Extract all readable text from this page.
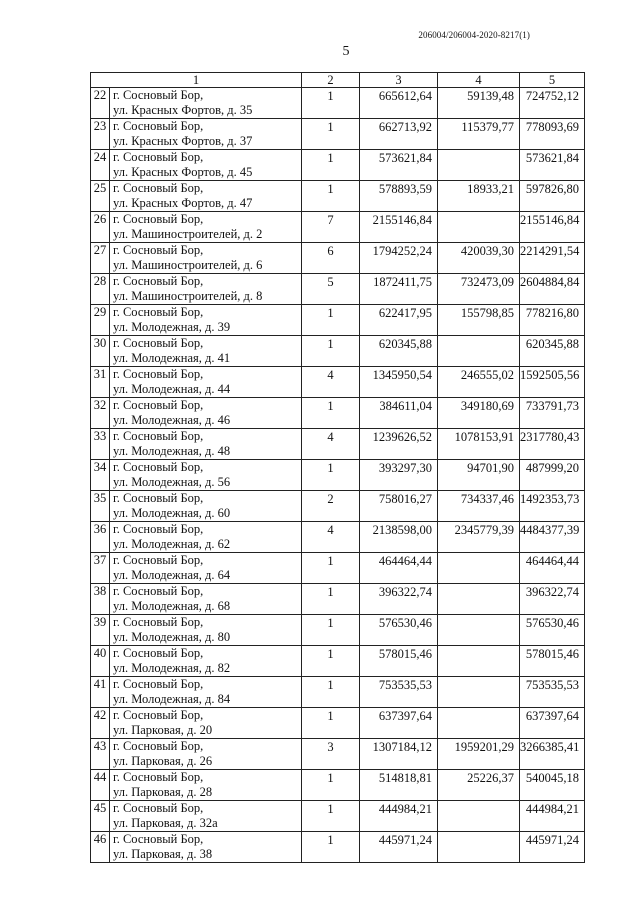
206004/206004-2020-8217(1)
5
1		2	3	4	5
22	г. Сосновый Бор,
ул. Красных Фортов, д. 35	1	665612,64	59139,48	724752,12
23	г. Сосновый Бор,
ул. Красных Фортов, д. 37	1	662713,92	115379,77	778093,69
24	г. Сосновый Бор,
ул. Красных Фортов, д. 45	1	573621,84		573621,84
25	г. Сосновый Бор,
ул. Красных Фортов, д. 47	1	578893,59	18933,21	597826,80
26	г. Сосновый Бор,
ул. Машиностроителей, д. 2	7	2155146,84		2155146,84
27	г. Сосновый Бор,
ул. Машиностроителей, д. 6	6	1794252,24	420039,30	2214291,54
28	г. Сосновый Бор,
ул. Машиностроителей, д. 8	5	1872411,75	732473,09	2604884,84
29	г. Сосновый Бор,
ул. Молодежная, д. 39	1	622417,95	155798,85	778216,80
30	г. Сосновый Бор,
ул. Молодежная, д. 41	1	620345,88		620345,88
31	г. Сосновый Бор,
ул. Молодежная, д. 44	4	1345950,54	246555,02	1592505,56
32	г. Сосновый Бор,
ул. Молодежная, д. 46	1	384611,04	349180,69	733791,73
33	г. Сосновый Бор,
ул. Молодежная, д. 48	4	1239626,52	1078153,91	2317780,43
34	г. Сосновый Бор,
ул. Молодежная, д. 56	1	393297,30	94701,90	487999,20
35	г. Сосновый Бор,
ул. Молодежная, д. 60	2	758016,27	734337,46	1492353,73
36	г. Сосновый Бор,
ул. Молодежная, д. 62	4	2138598,00	2345779,39	4484377,39
37	г. Сосновый Бор,
ул. Молодежная, д. 64	1	464464,44		464464,44
38	г. Сосновый Бор,
ул. Молодежная, д. 68	1	396322,74		396322,74
39	г. Сосновый Бор,
ул. Молодежная, д. 80	1	576530,46		576530,46
40	г. Сосновый Бор,
ул. Молодежная, д. 82	1	578015,46		578015,46
41	г. Сосновый Бор,
ул. Молодежная, д. 84	1	753535,53		753535,53
42	г. Сосновый Бор,
ул. Парковая, д. 20	1	637397,64		637397,64
43	г. Сосновый Бор,
ул. Парковая, д. 26	3	1307184,12	1959201,29	3266385,41
44	г. Сосновый Бор,
ул. Парковая, д. 28	1	514818,81	25226,37	540045,18
45	г. Сосновый Бор,
ул. Парковая, д. 32а	1	444984,21		444984,21
46	г. Сосновый Бор,
ул. Парковая, д. 38	1	445971,24		445971,24
